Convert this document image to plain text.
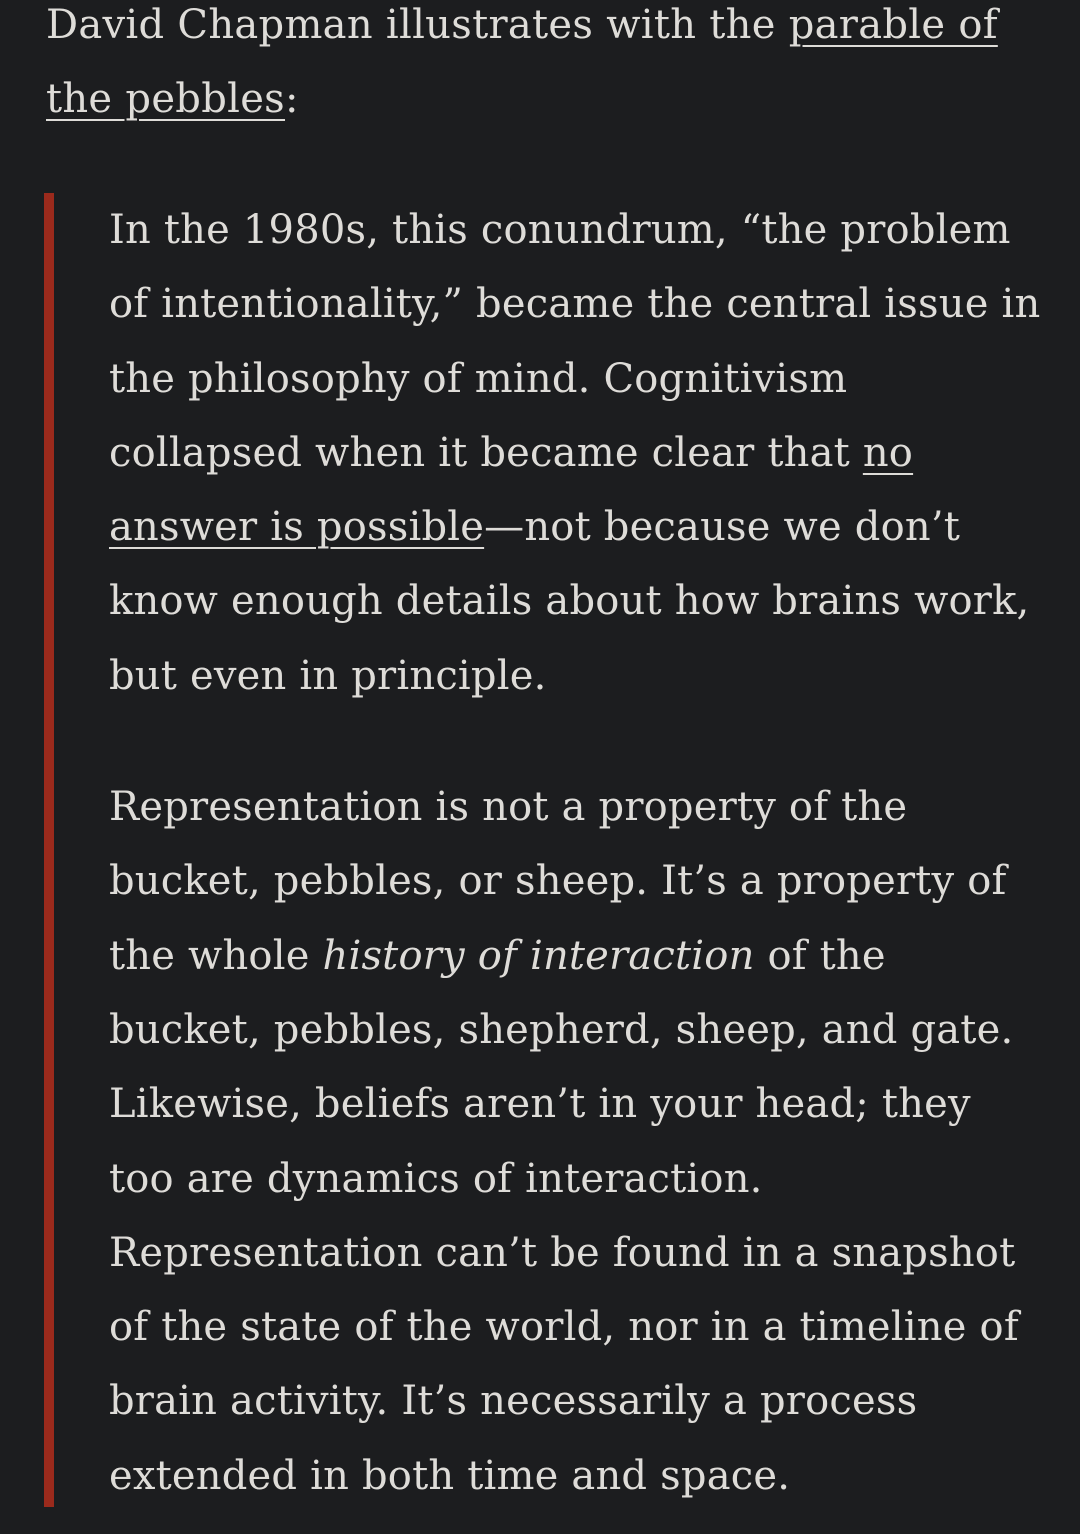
David Chapman illustrates with the parable of the pebbles:

In the 1980s, this conundrum, “the problem of intentionality,” became the central issue in the philosophy of mind. Cognitivism collapsed when it became clear that no answer is possible—not because we don’t know enough details about how brains work, but even in principle.

Representation is not a property of the bucket, pebbles, or sheep. It’s a property of the whole history of interaction of the bucket, pebbles, shepherd, sheep, and gate. Likewise, beliefs aren’t in your head; they too are dynamics of interaction. Representation can’t be found in a snapshot of the state of the world, nor in a timeline of brain activity. It’s necessarily a process extended in both time and space.
